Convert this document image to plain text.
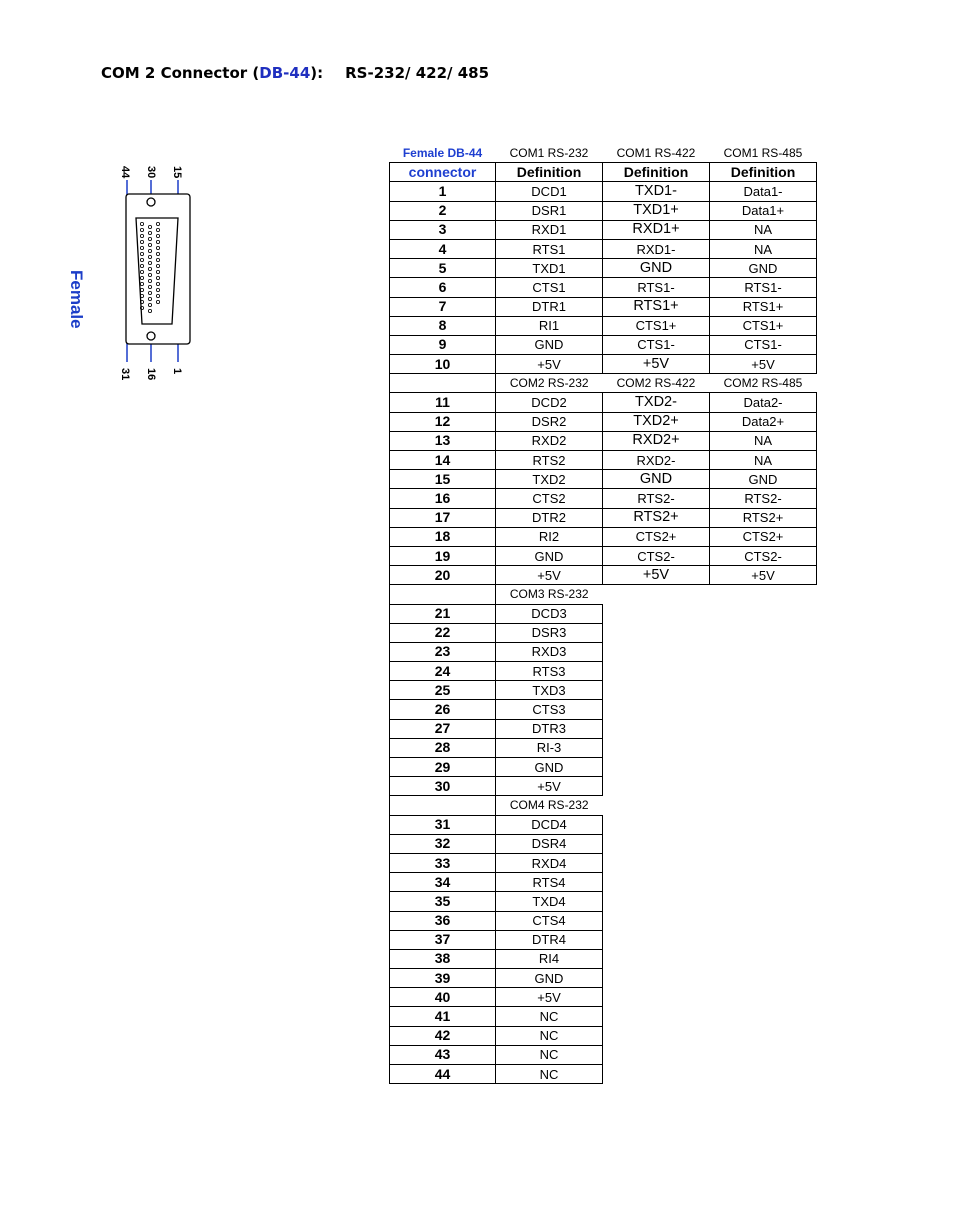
COM 2 Connector (DB-44): RS-232/ 422/ 485
44 30 15
31 16 1
Female
Female DB-44	COM1 RS-232	COM1 RS-422	COM1 RS-485
connector	Definition	Definition	Definition
1	DCD1	TXD1-	Data1-
2	DSR1	TXD1+	Data1+
3	RXD1	RXD1+	NA
4	RTS1	RXD1-	NA
5	TXD1	GND	GND
6	CTS1	RTS1-	RTS1-
7	DTR1	RTS1+	RTS1+
8	RI1	CTS1+	CTS1+
9	GND	CTS1-	CTS1-
10	+5V	+5V	+5V
	COM2 RS-232	COM2 RS-422	COM2 RS-485
11	DCD2	TXD2-	Data2-
12	DSR2	TXD2+	Data2+
13	RXD2	RXD2+	NA
14	RTS2	RXD2-	NA
15	TXD2	GND	GND
16	CTS2	RTS2-	RTS2-
17	DTR2	RTS2+	RTS2+
18	RI2	CTS2+	CTS2+
19	GND	CTS2-	CTS2-
20	+5V	+5V	+5V
	COM3 RS-232		
21	DCD3		
22	DSR3		
23	RXD3		
24	RTS3		
25	TXD3		
26	CTS3		
27	DTR3		
28	RI-3		
29	GND		
30	+5V		
	COM4 RS-232		
31	DCD4		
32	DSR4		
33	RXD4		
34	RTS4		
35	TXD4		
36	CTS4		
37	DTR4		
38	RI4		
39	GND		
40	+5V		
41	NC		
42	NC		
43	NC		
44	NC		
